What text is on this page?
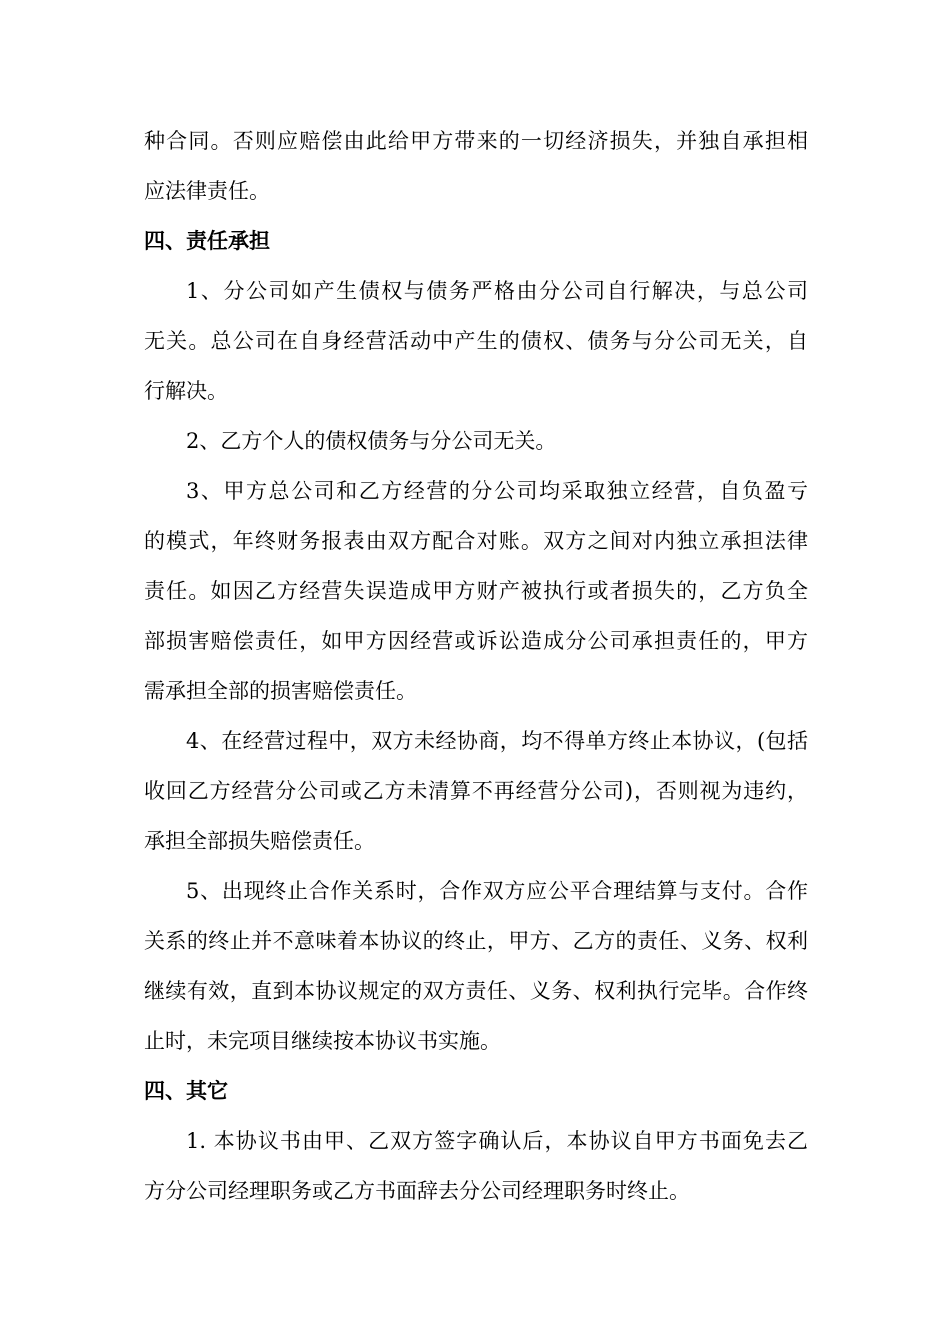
种合同。否则应赔偿由此给甲方带来的一切经济损失，并独自承担相
应法律责任。
四、责任承担
1、分公司如产生债权与债务严格由分公司自行解决，与总公司
无关。总公司在自身经营活动中产生的债权、债务与分公司无关，自
行解决。
2、乙方个人的债权债务与分公司无关。
3、甲方总公司和乙方经营的分公司均采取独立经营，自负盈亏
的模式，年终财务报表由双方配合对账。双方之间对内独立承担法律
责任。如因乙方经营失误造成甲方财产被执行或者损失的，乙方负全
部损害赔偿责任，如甲方因经营或诉讼造成分公司承担责任的，甲方
需承担全部的损害赔偿责任。
4、在经营过程中，双方未经协商，均不得单方终止本协议，(包括
收回乙方经营分公司或乙方未清算不再经营分公司)，否则视为违约，
承担全部损失赔偿责任。
5、出现终止合作关系时，合作双方应公平合理结算与支付。合作
关系的终止并不意味着本协议的终止，甲方、乙方的责任、义务、权利
继续有效，直到本协议规定的双方责任、义务、权利执行完毕。合作终
止时，未完项目继续按本协议书实施。
四、其它
1. 本协议书由甲、乙双方签字确认后，本协议自甲方书面免去乙
方分公司经理职务或乙方书面辞去分公司经理职务时终止。
